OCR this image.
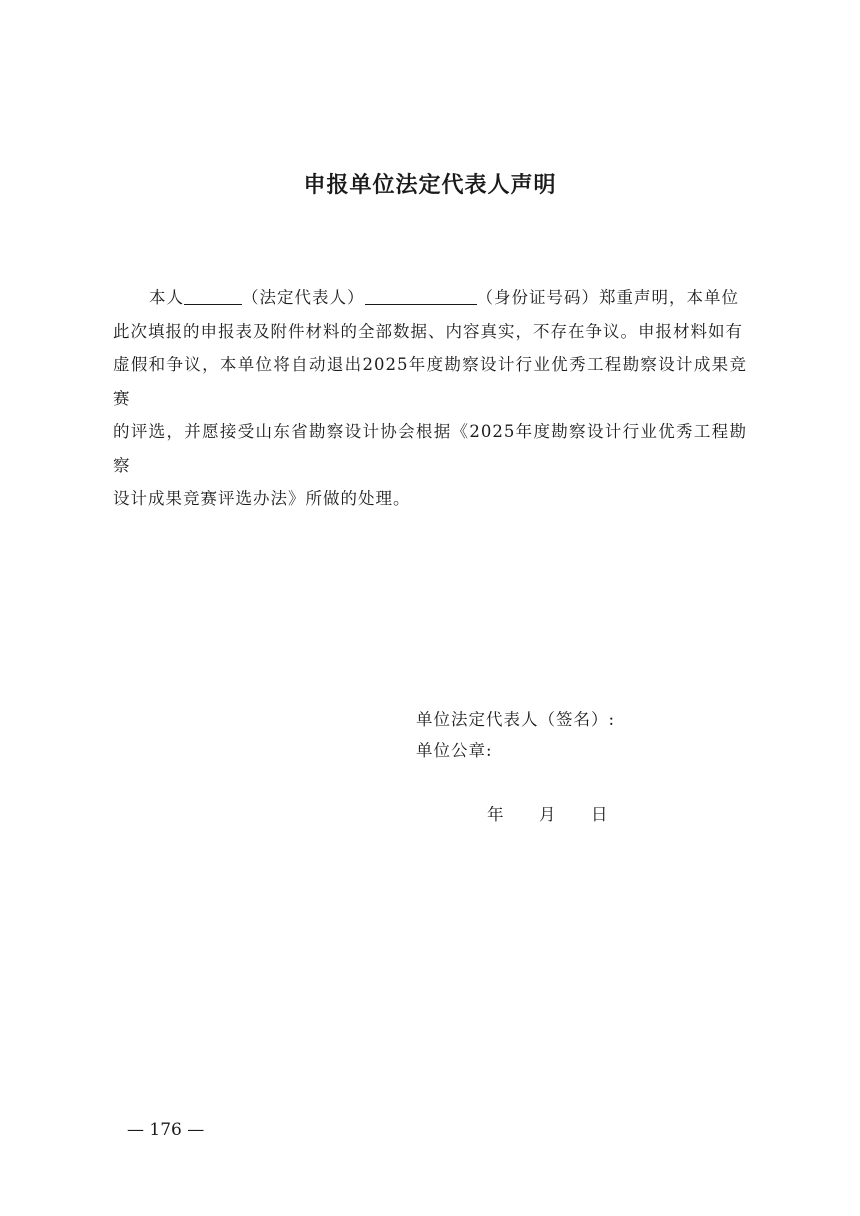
申报单位法定代表人声明

本人	（法定代表人）	（身份证号码）郑重声明，本单位

此次填报的申报表及附件材料的全部数据、内容真实，不存在争议。申报材料如有

虚假和争议，本单位将自动退出2025年度勘察设计行业优秀工程勘察设计成果竞赛

的评选，并愿接受山东省勘察设计协会根据《2025年度勘察设计行业优秀工程勘察

设计成果竞赛评选办法》所做的处理。

单位法定代表人（签名）:
单位公章:
年 月 日
— 176 —
